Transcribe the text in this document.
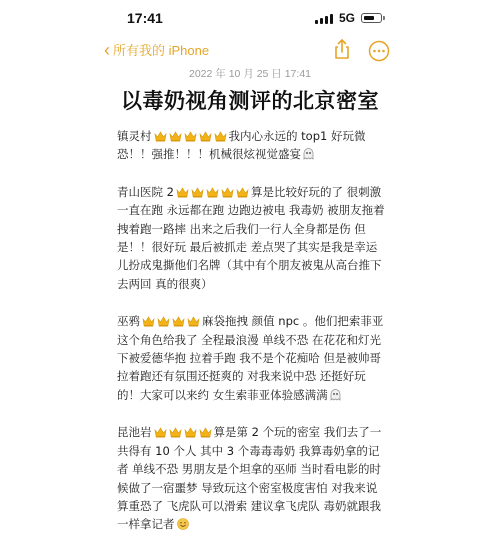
17:41	5G
‹ 所有我的 iPhone
2022 年 10 月 25 日 17:41
以毒奶视角测评的北京密室

镇灵村	我内心永远的 top1 好玩微恐！！强推！！！机械很炫视觉盛宴

青山医院 2	算是比较好玩的了 很刺激 一直在跑 永远都在跑 边跑边被电 我毒奶 被朋友拖着拽着跑一路摔 出来之后我们一行人全身都是伤 但是！！很好玩 最后被抓走 差点哭了其实是我是幸运儿扮成鬼撕他们名牌（其中有个朋友被鬼从高台推下去两回 真的很爽）

巫鸦	麻袋拖拽 颜值 npc 。他们把索菲亚这个角色给我了 全程最浪漫 单线不恐 在花花和灯光下被爱德华抱 拉着手跑 我不是个花痴哈 但是被帅哥拉着跑还有氛围还挺爽的 对我来说中恐 还挺好玩的！大家可以来约 女生索菲亚体验感满满

昆池岩	算是第 2 个玩的密室 我们去了一共得有 10 个人 其中 3 个毒毒毒奶 我算毒奶拿的记者 单线不恐 男朋友是个坦拿的巫师 当时看电影的时候做了一宿噩梦 导致玩这个密室极度害怕 对我来说算重恐了 飞虎队可以滑索 建议拿飞虎队 毒奶就跟我一样拿记者
